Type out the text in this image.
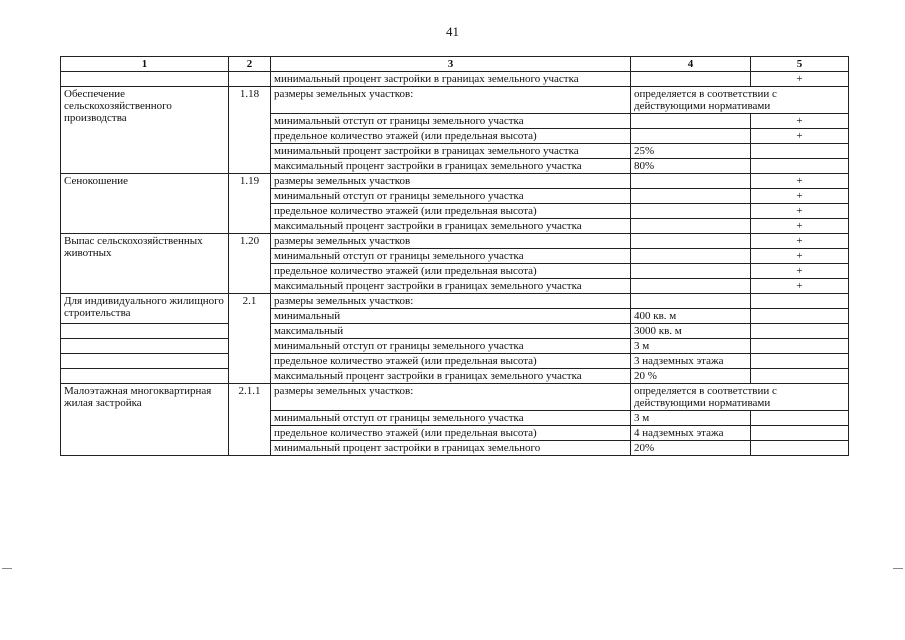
41
1	2	3	4	5
		минимальный процент застройки в границах земельного участка		+
Обеспечение сельскохозяйственного производства	1.18	размеры земельных участков:	определяется в соответствии с действующими нормативами	
		минимальный отступ от границы земельного участка		+
		предельное количество этажей (или предельная высота)		+
		минимальный процент застройки в границах земельного участка	25%	
		максимальный процент застройки в границах земельного участка	80%	
Сенокошение	1.19	размеры земельных участков		+
		минимальный отступ от границы земельного участка		+
		предельное количество этажей (или предельная высота)		+
		максимальный процент застройки в границах земельного участка		+
Выпас сельскохозяйственных животных	1.20	размеры земельных участков		+
		минимальный отступ от границы земельного участка		+
		предельное количество этажей (или предельная высота)		+
		максимальный процент застройки в границах земельного участка		+
Для индивидуального жилищного строительства	2.1	размеры земельных участков:		
		минимальный	400 кв. м	
		максимальный	3000 кв. м	
		минимальный отступ от границы земельного участка	3 м	
		предельное количество этажей (или предельная высота)	3 надземных этажа	
		максимальный процент застройки в границах земельного участка	20 %	
Малоэтажная многоквартирная жилая застройка	2.1.1	размеры земельных участков:	определяется в соответствии с действующими нормативами	
		минимальный отступ от границы земельного участка	3 м	
		предельное количество этажей (или предельная высота)	4 надземных этажа	
		минимальный процент застройки в границах земельного	20%	
